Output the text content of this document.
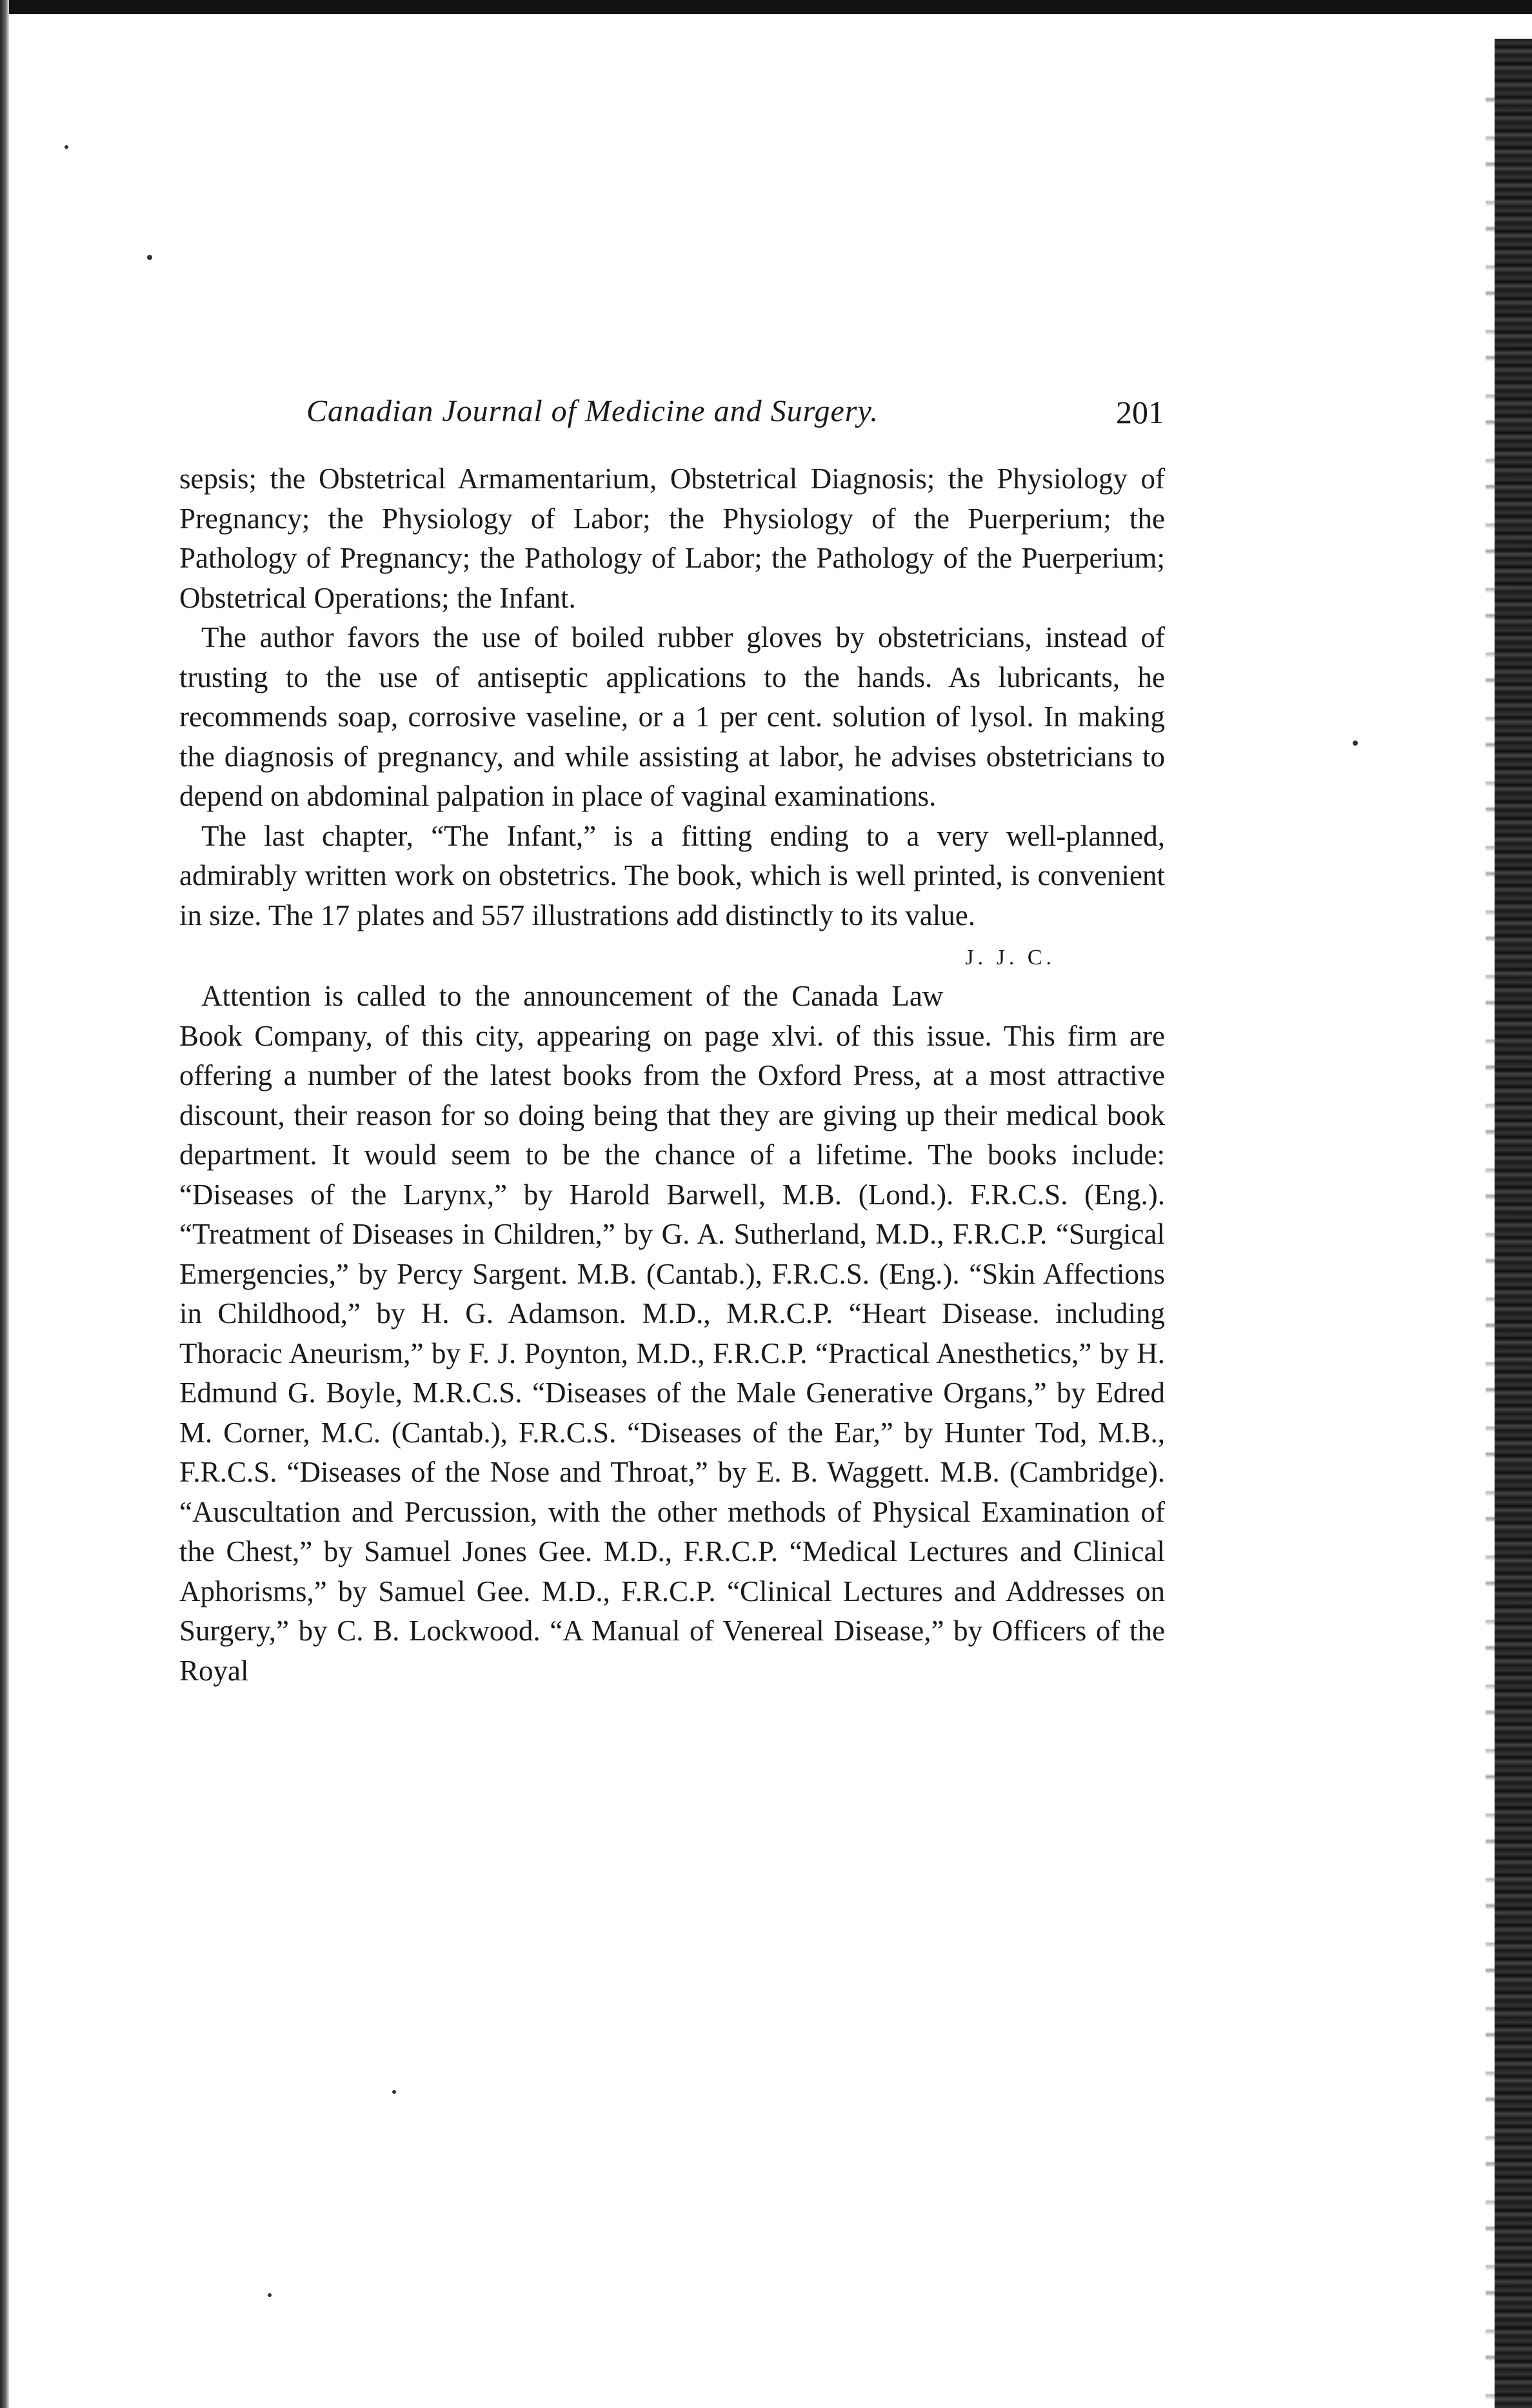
Canadian Journal of Medicine and Surgery.	201

sepsis; the Obstetrical Armamentarium, Obstetrical Diagnosis; the Physiology of Pregnancy; the Physiology of Labor; the Physiology of the Puerperium; the Pathology of Pregnancy; the Pathology of Labor; the Pathology of the Puerperium; Obstetrical Operations; the Infant.

The author favors the use of boiled rubber gloves by obstetricians, instead of trusting to the use of antiseptic applications to the hands. As lubricants, he recommends soap, corrosive vaseline, or a 1 per cent. solution of lysol. In making the diagnosis of pregnancy, and while assisting at labor, he advises obstetricians to depend on abdominal palpation in place of vaginal examinations.

The last chapter, “The Infant,” is a fitting ending to a very well-planned, admirably written work on obstetrics. The book, which is well printed, is convenient in size. The 17 plates and 557 illustrations add distinctly to its value.
J. J. C.

Attention is called to the announcement of the Canada Law Book Company, of this city, appearing on page xlvi. of this issue. This firm are offering a number of the latest books from the Oxford Press, at a most attractive discount, their reason for so doing being that they are giving up their medical book department. It would seem to be the chance of a lifetime. The books include: “Diseases of the Larynx,” by Harold Barwell, M.B. (Lond.). F.R.C.S. (Eng.). “Treatment of Diseases in Children,” by G. A. Sutherland, M.D., F.R.C.P. “Surgical Emergencies,” by Percy Sargent. M.B. (Cantab.), F.R.C.S. (Eng.). “Skin Affections in Childhood,” by H. G. Adamson. M.D., M.R.C.P. “Heart Disease. including Thoracic Aneurism,” by F. J. Poynton, M.D., F.R.C.P. “Practical Anesthetics,” by H. Edmund G. Boyle, M.R.C.S. “Diseases of the Male Generative Organs,” by Edred M. Corner, M.C. (Cantab.), F.R.C.S. “Diseases of the Ear,” by Hunter Tod, M.B., F.R.C.S. “Diseases of the Nose and Throat,” by E. B. Waggett. M.B. (Cambridge). “Auscultation and Percussion, with the other methods of Physical Examination of the Chest,” by Samuel Jones Gee. M.D., F.R.C.P. “Medical Lectures and Clinical Aphorisms,” by Samuel Gee. M.D., F.R.C.P. “Clinical Lectures and Addresses on Surgery,” by C. B. Lockwood. “A Manual of Venereal Disease,” by Officers of the Royal
